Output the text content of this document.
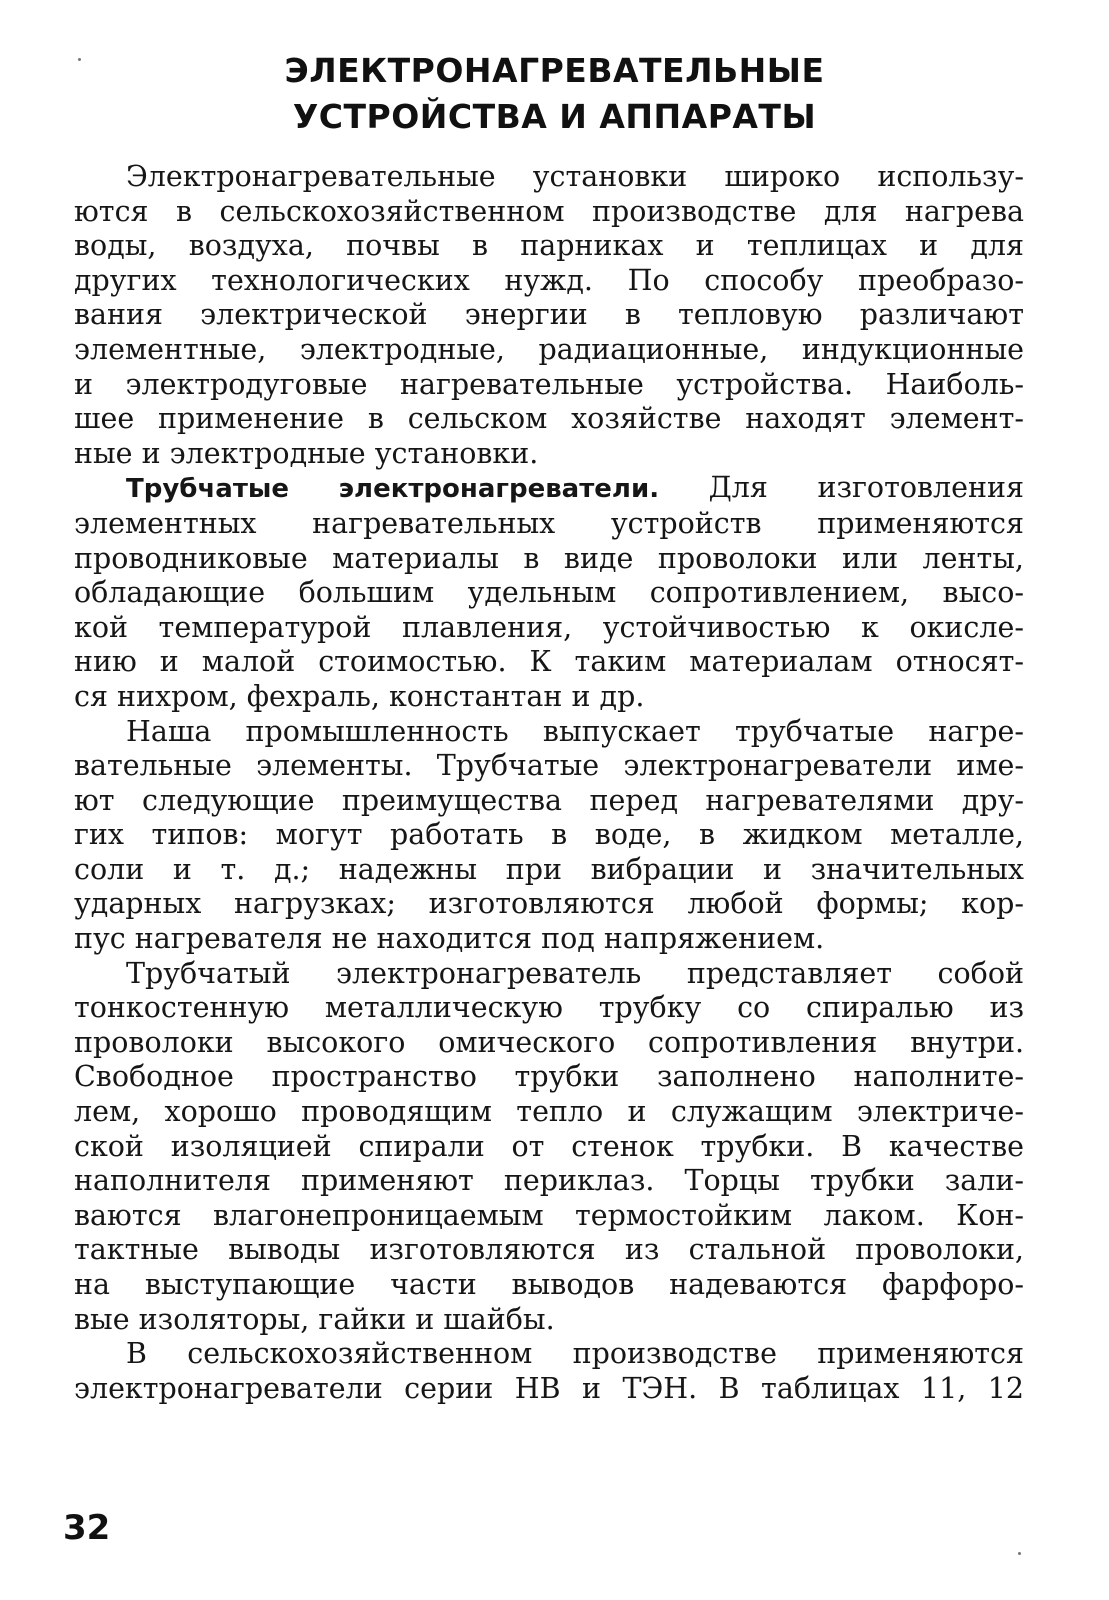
ЭЛЕКТРОНАГРЕВАТЕЛЬНЫЕ
УСТРОЙСТВА И АППАРАТЫ
Электронагревательные установки широко использу-
ются в сельскохозяйственном производстве для нагрева
воды, воздуха, почвы в парниках и теплицах и для
других технологических нужд. По способу преобразо-
вания электрической энергии в тепловую различают
элементные, электродные, радиационные, индукционные
и электродуговые нагревательные устройства. Наиболь-
шее применение в сельском хозяйстве находят элемент-
ные и электродные установки.
Трубчатые электронагреватели. Для изготовления
элементных нагревательных устройств применяются
проводниковые материалы в виде проволоки или ленты,
обладающие большим удельным сопротивлением, высо-
кой температурой плавления, устойчивостью к окисле-
нию и малой стоимостью. К таким материалам относят-
ся нихром, фехраль, константан и др.
Наша промышленность выпускает трубчатые нагре-
вательные элементы. Трубчатые электронагреватели име-
ют следующие преимущества перед нагревателями дру-
гих типов: могут работать в воде, в жидком металле,
соли и т. д.; надежны при вибрации и значительных
ударных нагрузках; изготовляются любой формы; кор-
пус нагревателя не находится под напряжением.
Трубчатый электронагреватель представляет собой
тонкостенную металлическую трубку со спиралью из
проволоки высокого омического сопротивления внутри.
Свободное пространство трубки заполнено наполните-
лем, хорошо проводящим тепло и служащим электриче-
ской изоляцией спирали от стенок трубки. В качестве
наполнителя применяют периклаз. Торцы трубки зали-
ваются влагонепроницаемым термостойким лаком. Кон-
тактные выводы изготовляются из стальной проволоки,
на выступающие части выводов надеваются фарфоро-
вые изоляторы, гайки и шайбы.
В сельскохозяйственном производстве применяются
электронагреватели серии НВ и ТЭН. В таблицах 11, 12
32
